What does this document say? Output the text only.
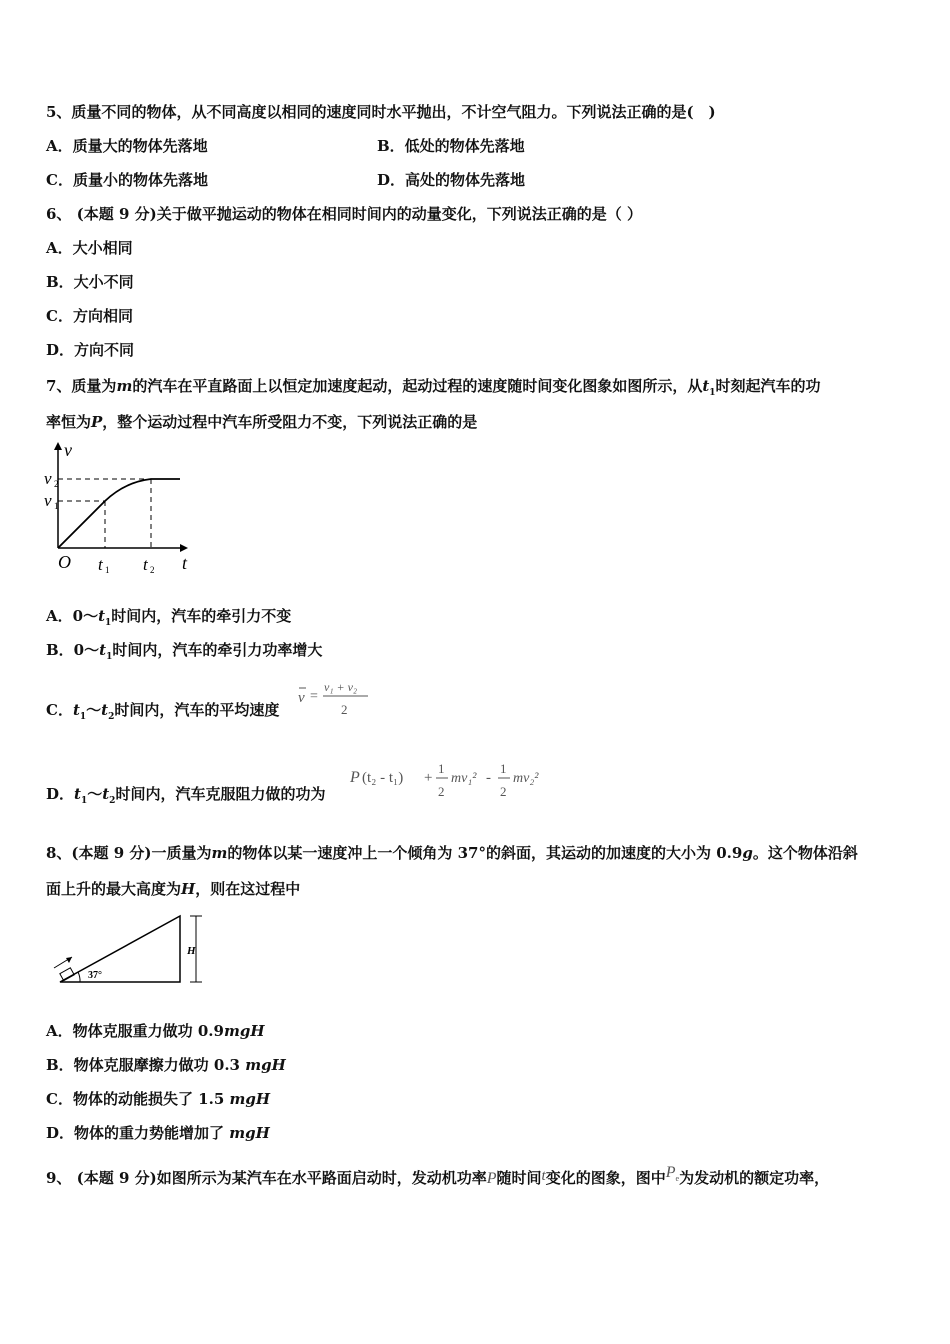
5、质量不同的物体，从不同高度以相同的速度同时水平抛出，不计空气阻力。下列说法正确的是(　)
A．质量大的物体先落地	B．低处的物体先落地
C．质量小的物体先落地	D．高处的物体先落地
6、 (本题 9 分)关于做平抛运动的物体在相同时间内的动量变化，下列说法正确的是（ ）
A．大小相同
B．大小不同
C．方向相同
D．方向不同
7、质量为m的汽车在平直路面上以恒定加速度起动，起动过程的速度随时间变化图象如图所示，从$t_1$时刻起汽车的功
率恒为P，整个运动过程中汽车所受阻力不变，下列说法正确的是
v
v 2
v 1
O t 1 t 2 t
A．$0\sim t_1$时间内，汽车的牵引力不变
B．$0\sim t_1$时间内，汽车的牵引力功率增大
C．$t_1\sim t_2$时间内，汽车的平均速度
v =
v₁ + v₂
2
D．$t_1\sim t_2$时间内，汽车克服阻力做的功为
P (t₂ - t₁) +
1
2
mv₁² -
1
2
mv₂²
8、(本题 9 分)一质量为m的物体以某一速度冲上一个倾角为 37°的斜面，其运动的加速度的大小为 0.9g。这个物体沿斜
面上升的最大高度为H，则在这过程中
H
37°
A．物体克服重力做功 0.9mgH
B．物体克服摩擦力做功 0.3 mgH
C．物体的动能损失了 1.5 mgH
D．物体的重力势能增加了 mgH
9、 (本题 9 分)如图所示为某汽车在水平路面启动时，发动机功率P随时间t变化的图象，图中$P_e$为发动机的额定功率，
